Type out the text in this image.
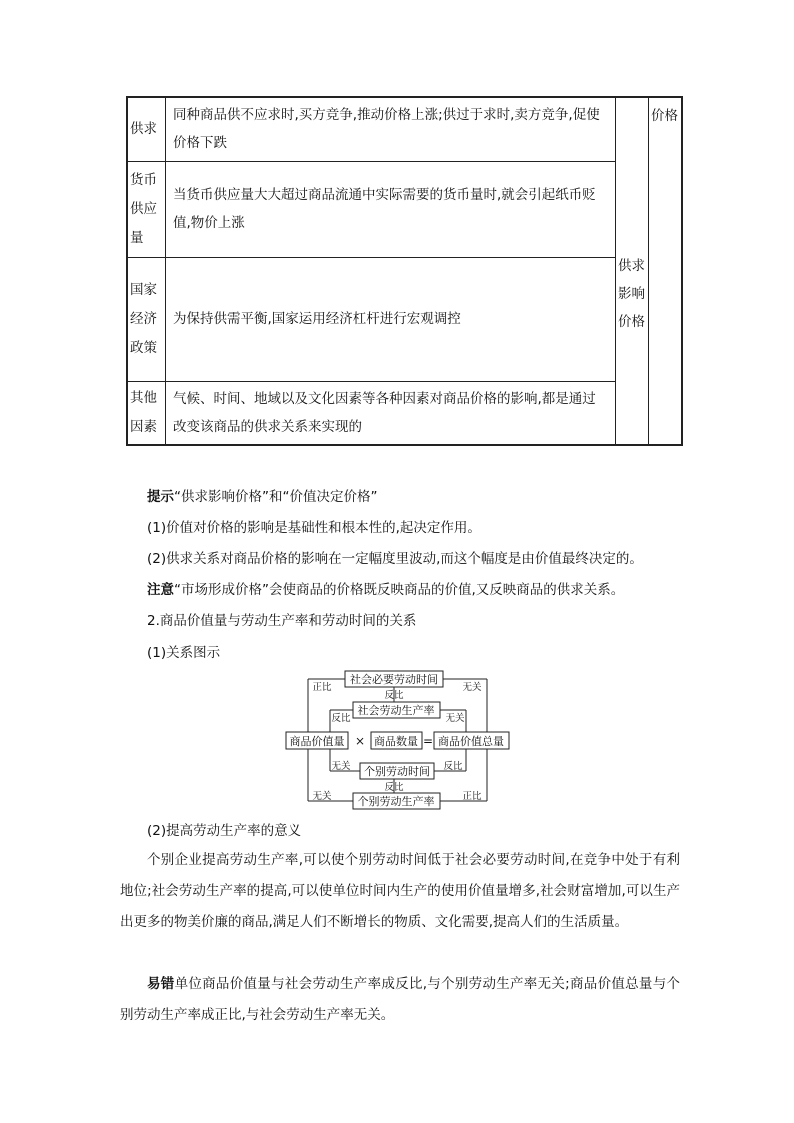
供求	同种商品供不应求时,买方竞争,推动价格上涨;供过于求时,卖方竞争,促使价格下跌	供求影响价格	价格
货币供应量	当货币供应量大大超过商品流通中实际需要的货币量时,就会引起纸币贬值,物价上涨		
国家经济政策	为保持供需平衡,国家运用经济杠杆进行宏观调控		
其他因素	气候、时间、地域以及文化因素等各种因素对商品价格的影响,都是通过改变该商品的供求关系来实现的		
提示“供求影响价格”和“价值决定价格”
(1)价值对价格的影响是基础性和根本性的,起决定作用。
(2)供求关系对商品价格的影响在一定幅度里波动,而这个幅度是由价值最终决定的。
注意“市场形成价格”会使商品的价格既反映商品的价值,又反映商品的供求关系。
2.商品价值量与劳动生产率和劳动时间的关系
(1)关系图示
社会必要劳动时间
社会劳动生产率
商品价值量	商品数量 商品价值总量
个别劳动时间
个别劳动生产率
×	=
正比	无关
反比
反比	无关
无关	反比
反比
无关	正比
(2)提高劳动生产率的意义
个别企业提高劳动生产率,可以使个别劳动时间低于社会必要劳动时间,在竞争中处于有利地位;社会劳动生产率的提高,可以使单位时间内生产的使用价值量增多,社会财富增加,可以生产出更多的物美价廉的商品,满足人们不断增长的物质、文化需要,提高人们的生活质量。
易错单位商品价值量与社会劳动生产率成反比,与个别劳动生产率无关;商品价值总量与个别劳动生产率成正比,与社会劳动生产率无关。
